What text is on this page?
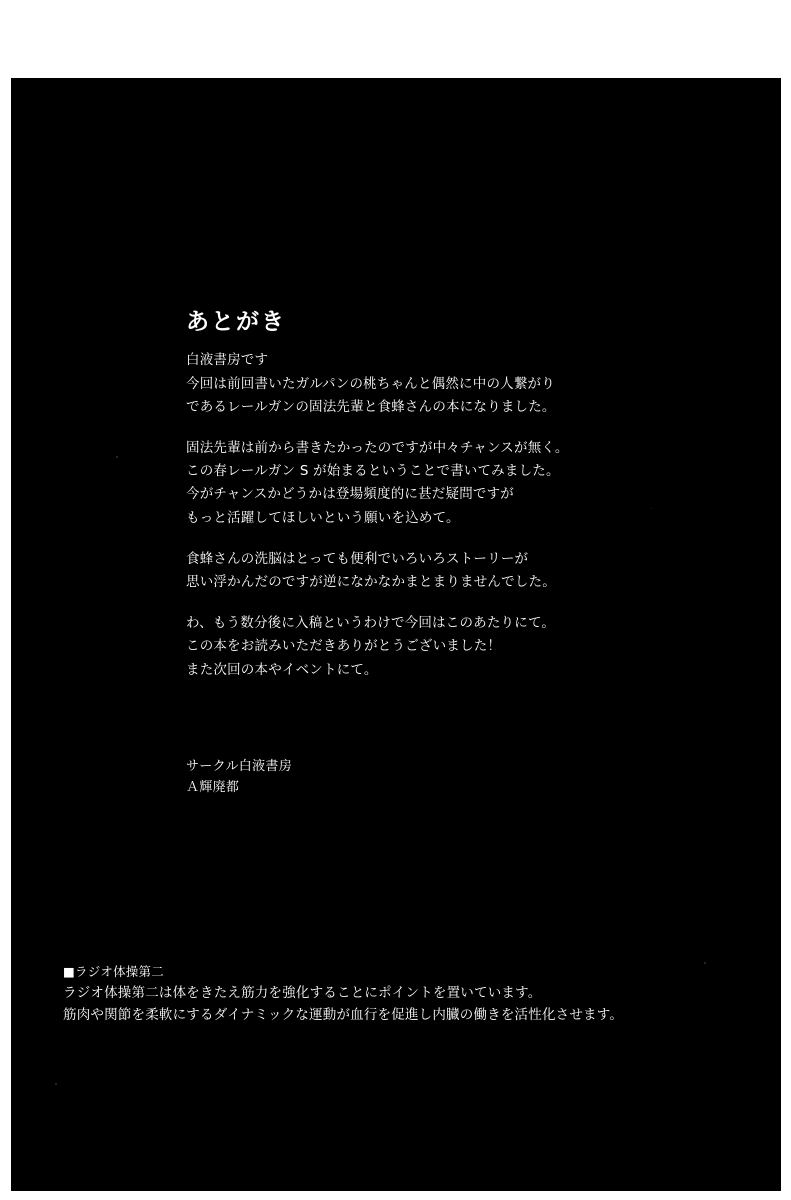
あとがき

白液書房です
今回は前回書いたガルパンの桃ちゃんと偶然に中の人繋がり
であるレールガンの固法先輩と食蜂さんの本になりました。

固法先輩は前から書きたかったのですが中々チャンスが無く。
この春レールガン S が始まるということで書いてみました。
今がチャンスかどうかは登場頻度的に甚だ疑問ですが
もっと活躍してほしいという願いを込めて。

食蜂さんの洗脳はとっても便利でいろいろストーリーが
思い浮かんだのですが逆になかなかまとまりませんでした。

わ、もう数分後に入稿というわけで今回はこのあたりにて。
この本をお読みいただきありがとうございました！
また次回の本やイベントにて。

サークル白液書房
Ａ輝廃都
■ラジオ体操第二
ラジオ体操第二は体をきたえ筋力を強化することにポイントを置いています。
筋肉や関節を柔軟にするダイナミックな運動が血行を促進し内臓の働きを活性化させます。
